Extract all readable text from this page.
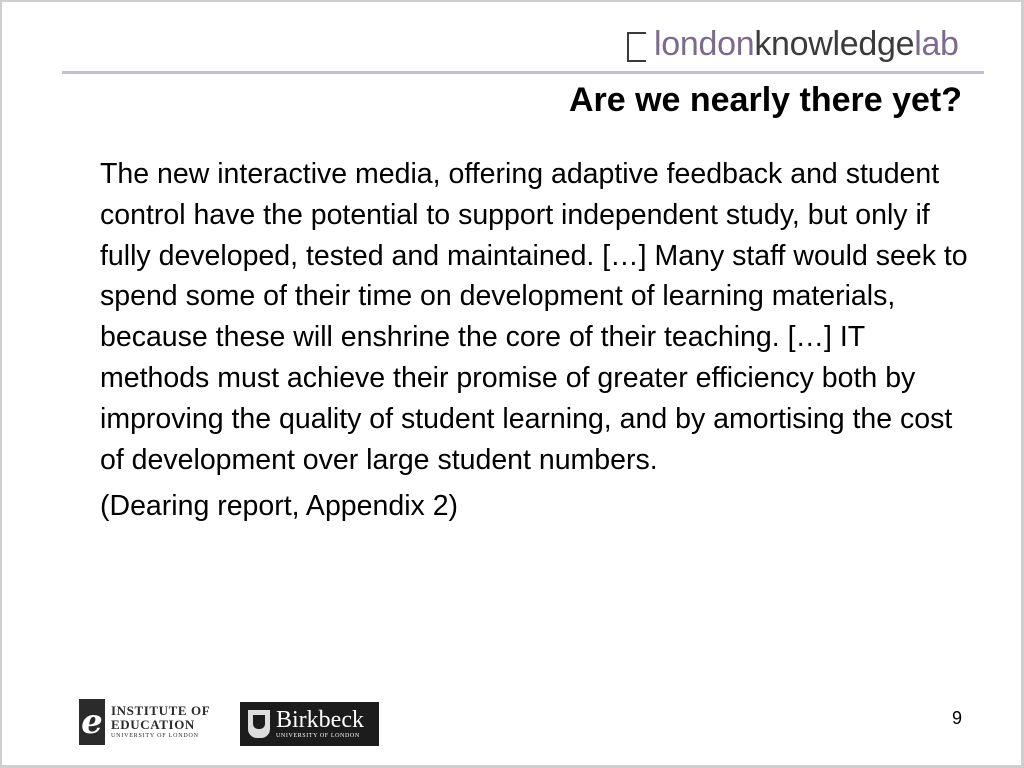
londonknowledgelab
Are we nearly there yet?

The new interactive media, offering adaptive feedback and student control have the potential to support independent study, but only if fully developed, tested and maintained. […] Many staff would seek to spend some of their time on development of learning materials, because these will enshrine the core of their teaching. […] IT methods must achieve their promise of greater efficiency both by improving the quality of student learning, and by amortising the cost of development over large student numbers.

(Dearing report, Appendix 2)

e INSTITUTE OF
EDUCATION
UNIVERSITY OF LONDON
Birkbeck
UNIVERSITY OF LONDON
9
